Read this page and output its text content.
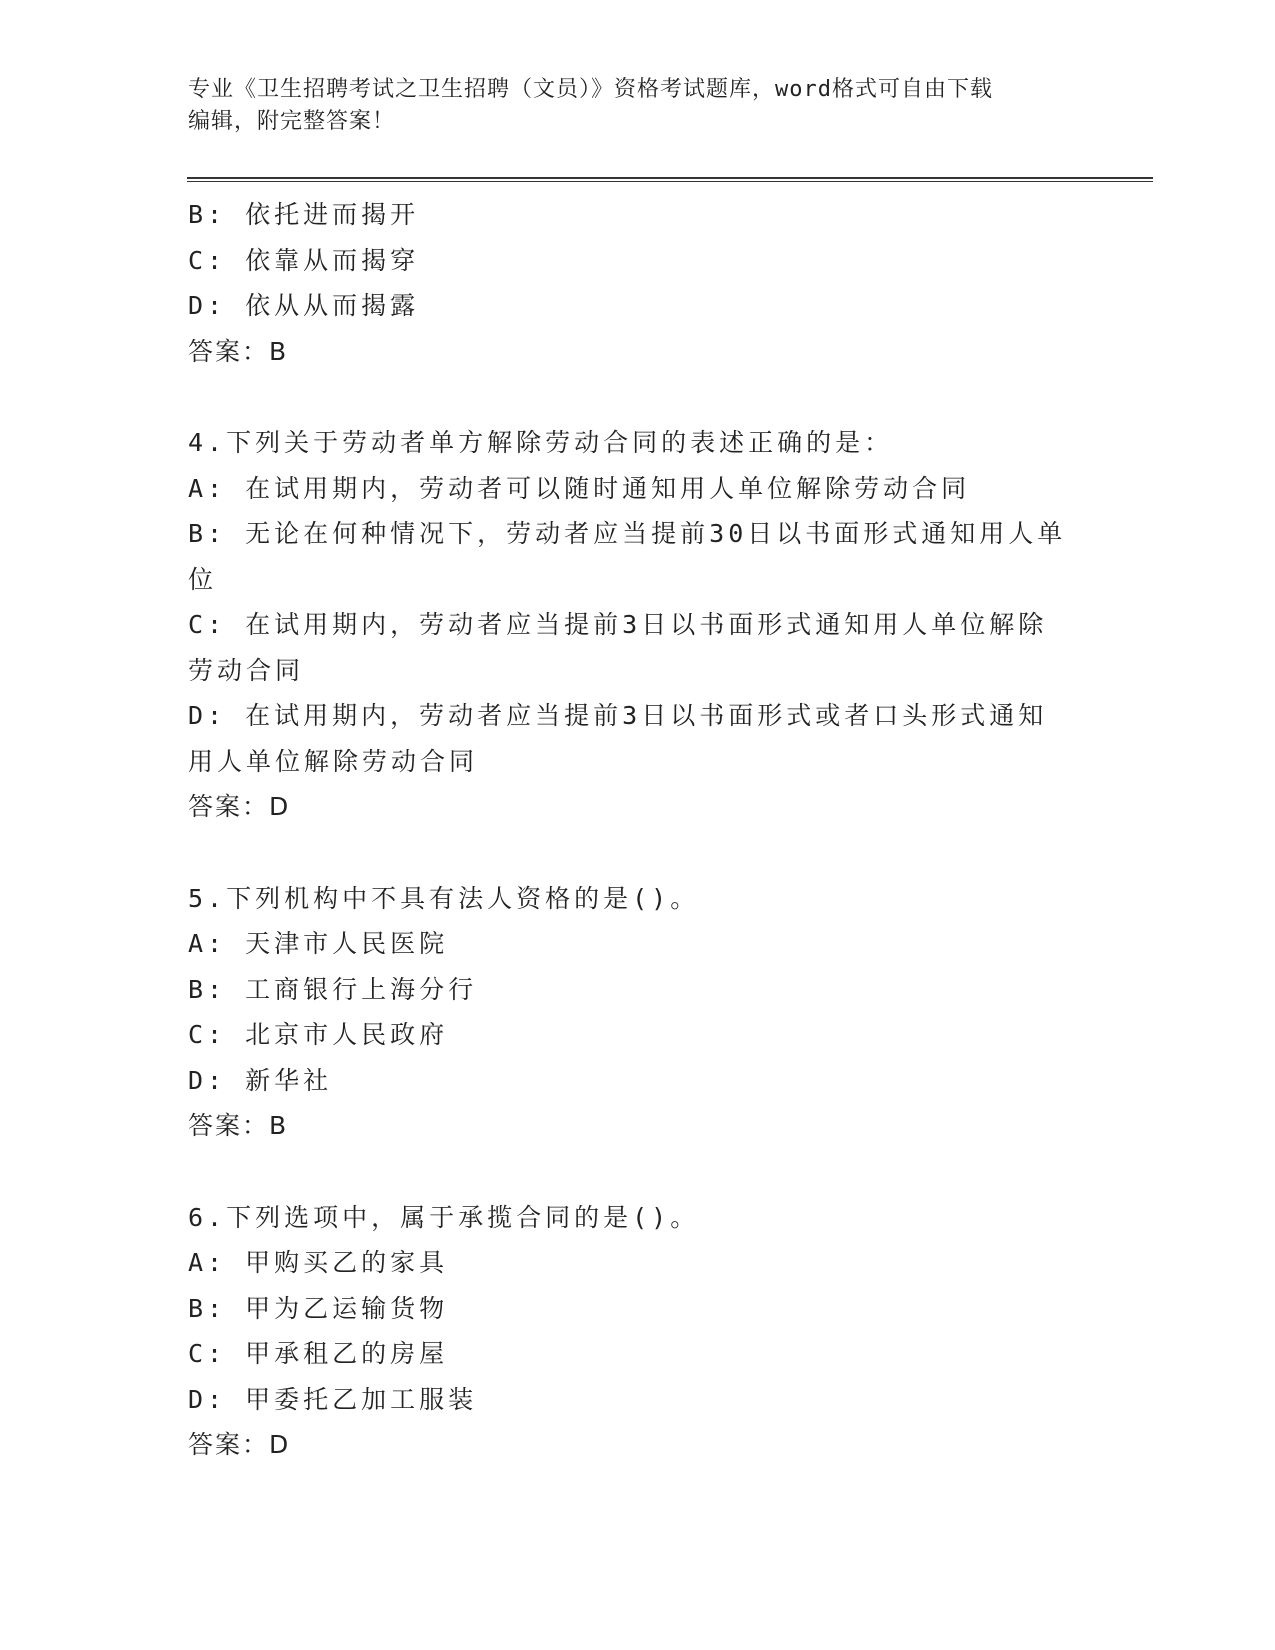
专业《卫生招聘考试之卫生招聘（文员）》资格考试题库，word格式可自由下载
编辑，附完整答案！

B: 依托进而揭开

C: 依靠从而揭穿

D: 依从从而揭露

答案：B

4.下列关于劳动者单方解除劳动合同的表述正确的是：

A: 在试用期内，劳动者可以随时通知用人单位解除劳动合同

B: 无论在何种情况下，劳动者应当提前30日以书面形式通知用人单位

C: 在试用期内，劳动者应当提前3日以书面形式通知用人单位解除劳动合同

D: 在试用期内，劳动者应当提前3日以书面形式或者口头形式通知用人单位解除劳动合同

答案：D

5.下列机构中不具有法人资格的是()。

A: 天津市人民医院

B: 工商银行上海分行

C: 北京市人民政府

D: 新华社

答案：B

6.下列选项中，属于承揽合同的是()。

A: 甲购买乙的家具

B: 甲为乙运输货物

C: 甲承租乙的房屋

D: 甲委托乙加工服装

答案：D
